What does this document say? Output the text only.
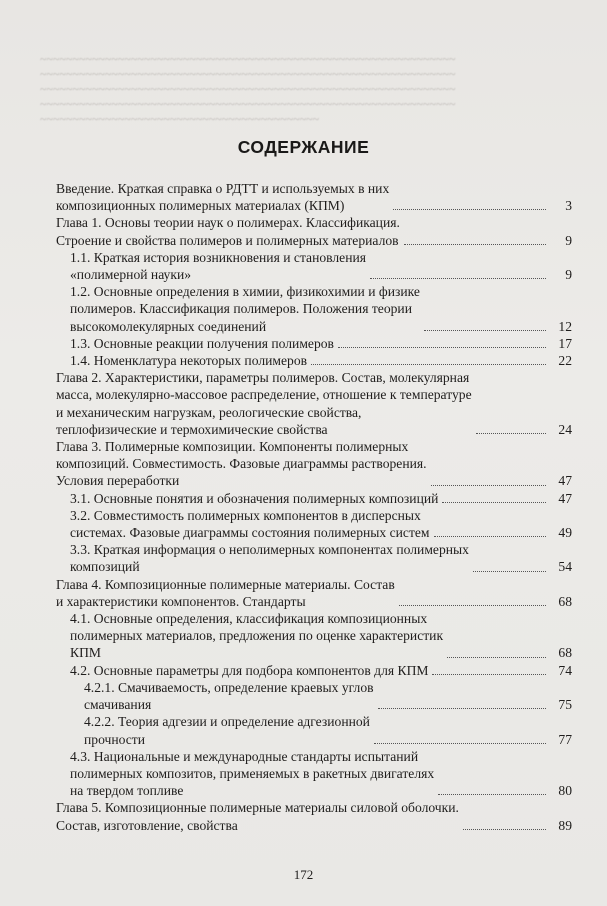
~~~~~~~~~~~~~~~~~~~~~~~~~~~~~~~~~~~~~~~~~~~~~~~~~~~~~~~~~~~~~~~~
~~~~~~~~~~~~~~~~~~~~~~~~~~~~~~~~~~~~~~~~~~~~~~~~~~~~~~~~~~~~~~~~
~~~~~~~~~~~~~~~~~~~~~~~~~~~~~~~~~~~~~~~~~~~~~~~~~~~~~~~~~~~~~~~~
~~~~~~~~~~~~~~~~~~~~~~~~~~~~~~~~~~~~~~~~~~~~~~~~~~~~~~~~~~~~~~~~
~~~~~~~~~~~~~~~~~~~~~~~~~~~~~~~~~~~~~~~~~~~
СОДЕРЖАНИЕ
Введение. Краткая справка о РДТТ и используемых в них
композиционных полимерных материалах (КПМ)	3
Глава 1. Основы теории наук о полимерах. Классификация.
Строение и свойства полимеров и полимерных материалов	9
1.1. Краткая история возникновения и становления
«полимерной науки»	9
1.2. Основные определения в химии, физикохимии и физике
полимеров. Классификация полимеров. Положения теории
высокомолекулярных соединений	12
1.3. Основные реакции получения полимеров	17
1.4. Номенклатура некоторых полимеров	22
Глава 2. Характеристики, параметры полимеров. Состав, молекулярная
масса, молекулярно-массовое распределение, отношение к температуре
и механическим нагрузкам, реологические свойства,
теплофизические и термохимические свойства	24
Глава 3. Полимерные композиции. Компоненты полимерных
композиций. Совместимость. Фазовые диаграммы растворения.
Условия переработки	47
3.1. Основные понятия и обозначения полимерных композиций	47
3.2. Совместимость полимерных компонентов в дисперсных
системах. Фазовые диаграммы состояния полимерных систем	49
3.3. Краткая информация о неполимерных компонентах полимерных
композиций	54
Глава 4. Композиционные полимерные материалы. Состав
и характеристики компонентов. Стандарты	68
4.1. Основные определения, классификация композиционных
полимерных материалов, предложения по оценке характеристик
КПМ	68
4.2. Основные параметры для подбора компонентов для КПМ	74
4.2.1. Смачиваемость, определение краевых углов
смачивания	75
4.2.2. Теория адгезии и определение адгезионной
прочности	77
4.3. Национальные и международные стандарты испытаний
полимерных композитов, применяемых в ракетных двигателях
на твердом топливе	80
Глава 5. Композиционные полимерные материалы силовой оболочки.
Состав, изготовление, свойства	89
172
